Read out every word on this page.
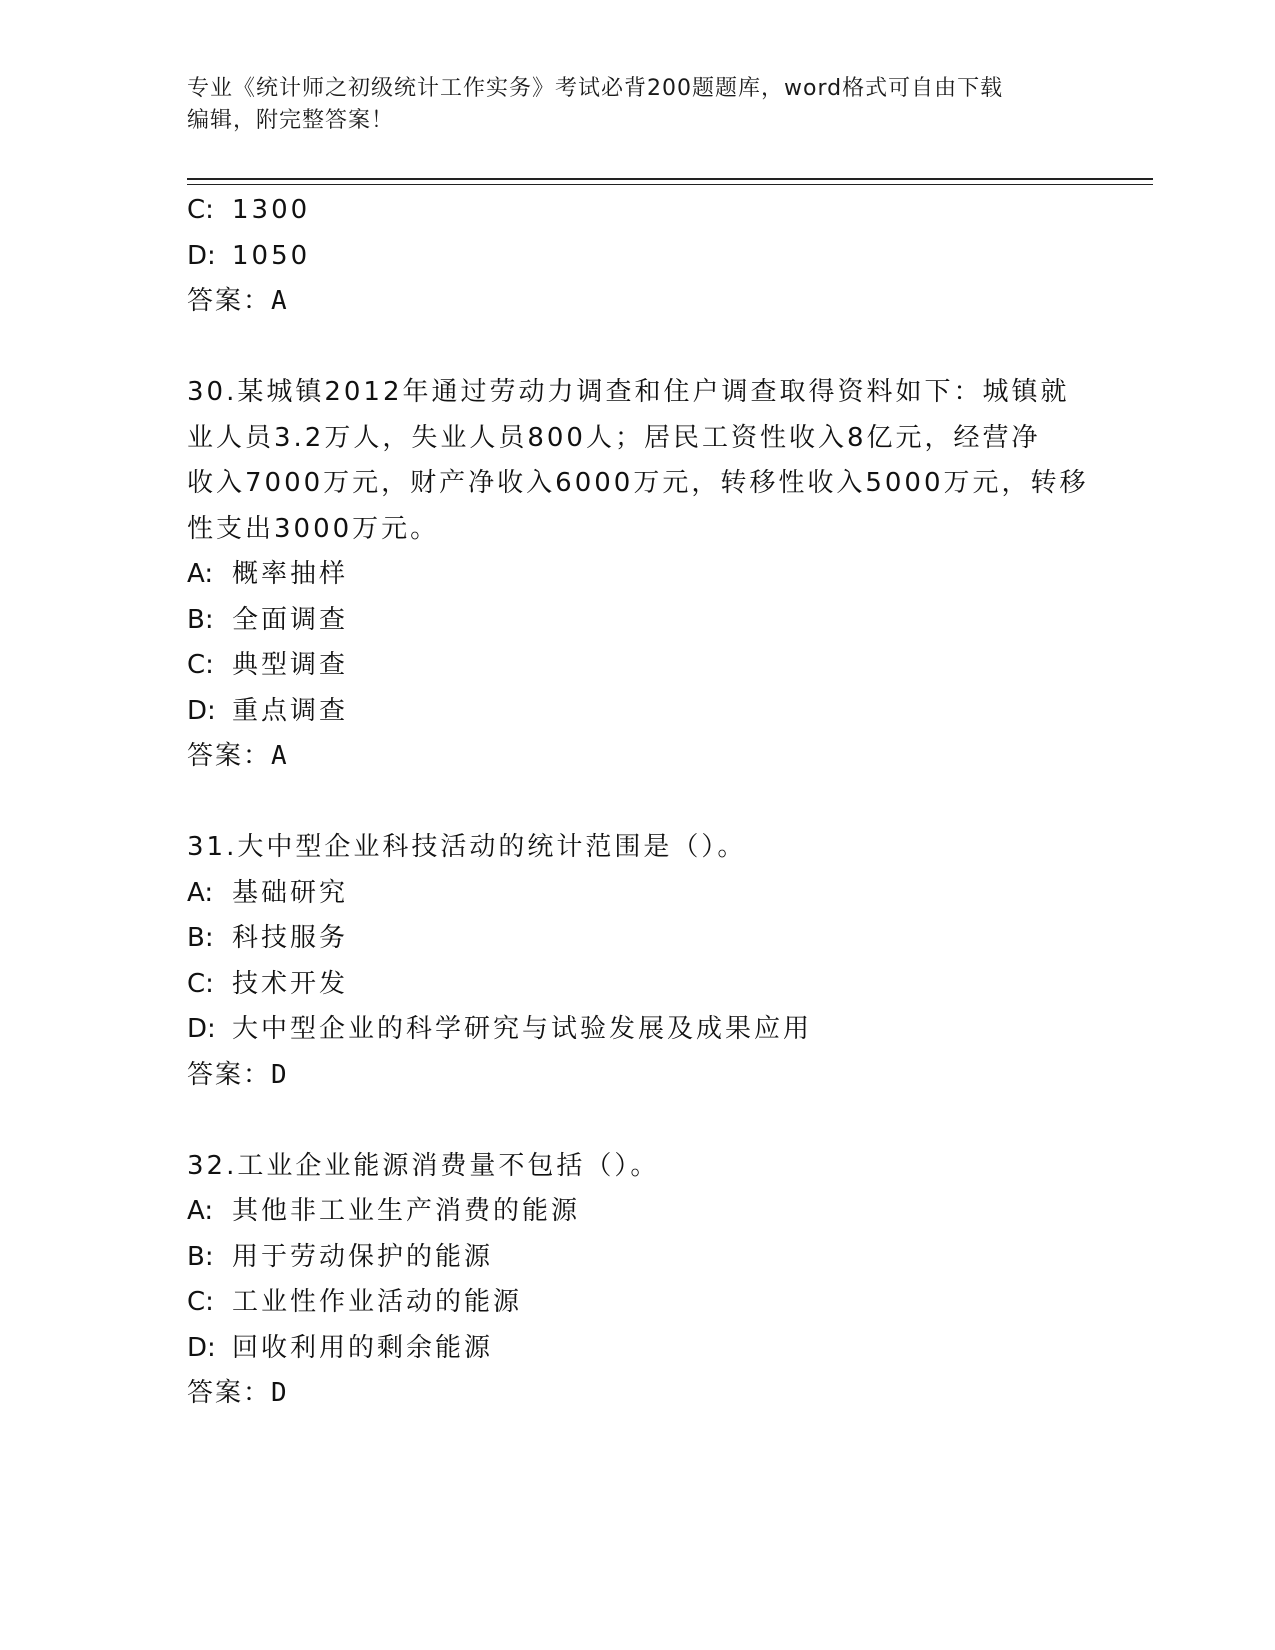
专业《统计师之初级统计工作实务》考试必背200题题库，word格式可自由下载
编辑，附完整答案！
C: 1300
D: 1050
答案：A
30.某城镇2012年通过劳动力调查和住户调查取得资料如下：城镇就
业人员3.2万人，失业人员800人；居民工资性收入8亿元，经营净
收入7000万元，财产净收入6000万元，转移性收入5000万元，转移
性支出3000万元。
A: 概率抽样
B: 全面调查
C: 典型调查
D: 重点调查
答案：A
31.大中型企业科技活动的统计范围是（）。
A: 基础研究
B: 科技服务
C: 技术开发
D: 大中型企业的科学研究与试验发展及成果应用
答案：D
32.工业企业能源消费量不包括（）。
A: 其他非工业生产消费的能源
B: 用于劳动保护的能源
C: 工业性作业活动的能源
D: 回收利用的剩余能源
答案：D
